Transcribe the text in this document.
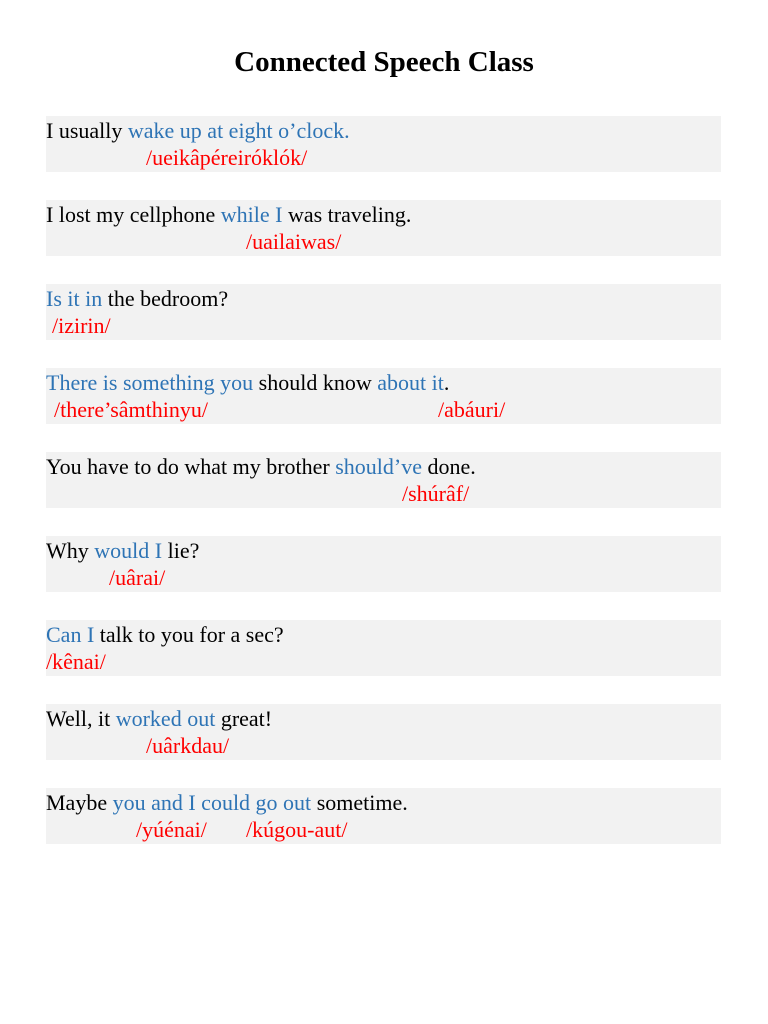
Connected Speech Class
I usually wake up at eight o’clock.
/ueikâpéreiróklók/
I lost my cellphone while I was traveling.
/uailaiwas/
Is it in the bedroom?
/izirin/
There is something you should know about it.
/there’sâmthinyu/	/abáuri/
You have to do what my brother should’ve done.
/shúrâf/
Why would I lie?
/uârai/
Can I talk to you for a sec?
/kênai/
Well, it worked out great!
/uârkdau/
Maybe you and I could go out sometime.
/yúénai/ /kúgou-aut/
